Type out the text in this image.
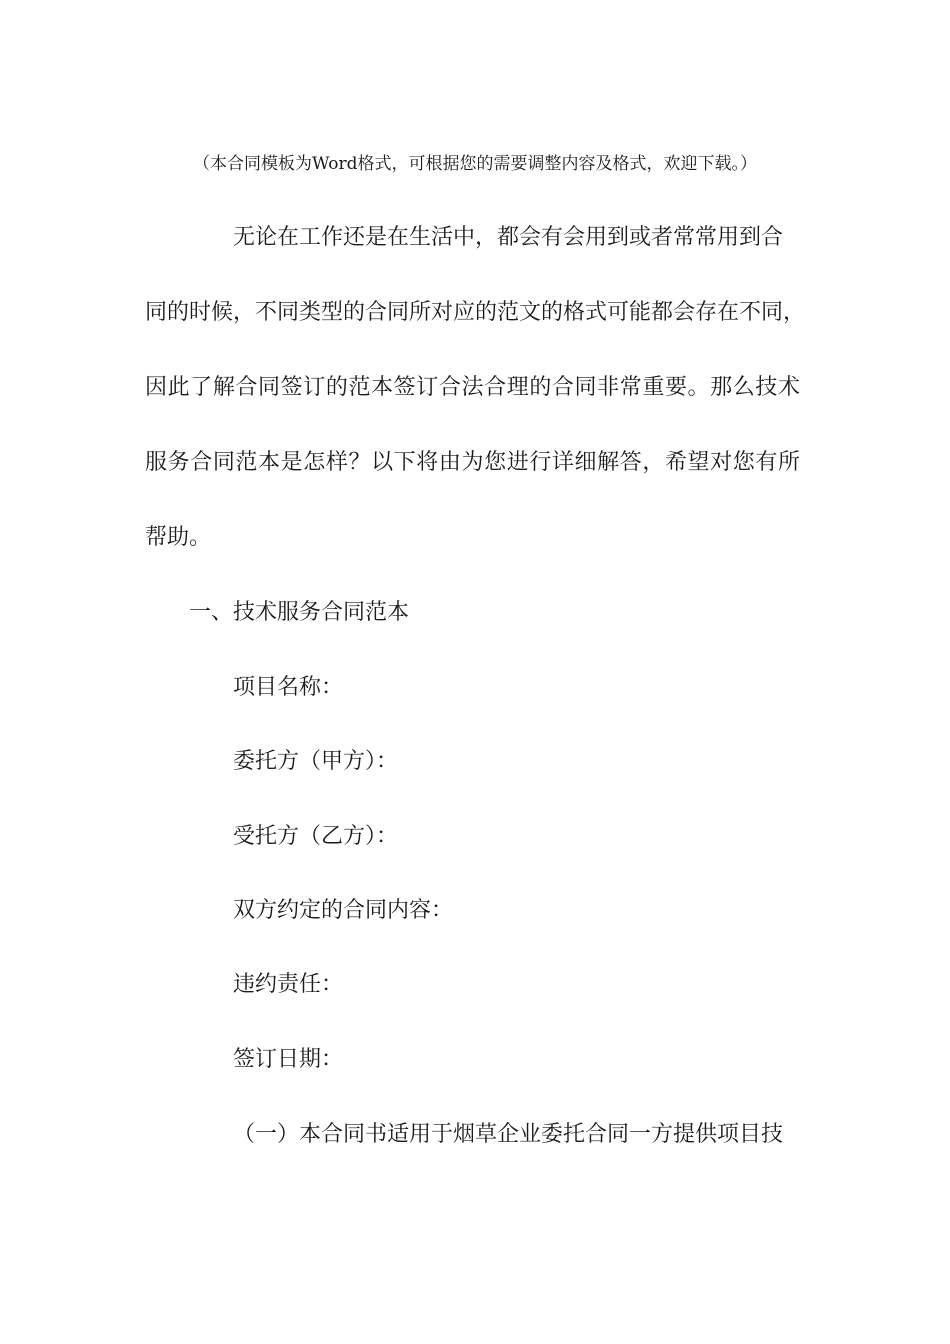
（本合同模板为Word格式，可根据您的需要调整内容及格式，欢迎下载。）
无论在工作还是在生活中，都会有会用到或者常常用到合
同的时候，不同类型的合同所对应的范文的格式可能都会存在不同，
因此了解合同签订的范本签订合法合理的合同非常重要。那么技术
服务合同范本是怎样？以下将由为您进行详细解答，希望对您有所
帮助。
一、技术服务合同范本
项目名称：
委托方（甲方）：
受托方（乙方）：
双方约定的合同内容：
违约责任：
签订日期：
（一）本合同书适用于烟草企业委托合同一方提供项目技
